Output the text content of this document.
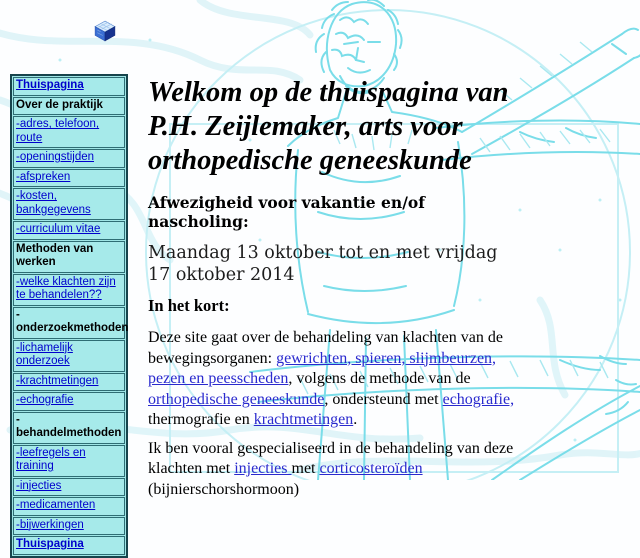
Thuispagina
Over de praktijk
-adres, telefoon, route
-openingstijden
-afspreken
-kosten, bankgegevens
-curriculum vitae
Methoden van werken
-welke klachten zijn te behandelen??
-onderzoekmethoden
-lichamelijk onderzoek
-krachtmetingen
-echografie
-behandelmethoden
-leefregels en training
-injecties
-medicamenten
-bijwerkingen
Thuispagina
Welkom op de thuispagina van P.H. Zeijlemaker, arts voor orthopedische geneeskunde
Afwezigheid voor vakantie en/of nascholing:

Maandag 13 oktober tot en met vrijdag 17 oktober 2014

In het kort:

Deze site gaat over de behandeling van klachten van de bewegingsorganen: gewrichten, spieren, slijmbeurzen, pezen en peesscheden, volgens de methode van de orthopedische geneeskunde, ondersteund met echografie, thermografie en krachtmetingen.

Ik ben vooral gespecialiseerd in de behandeling van deze klachten met injecties met corticosteroïden (bijnierschorshormoon)
